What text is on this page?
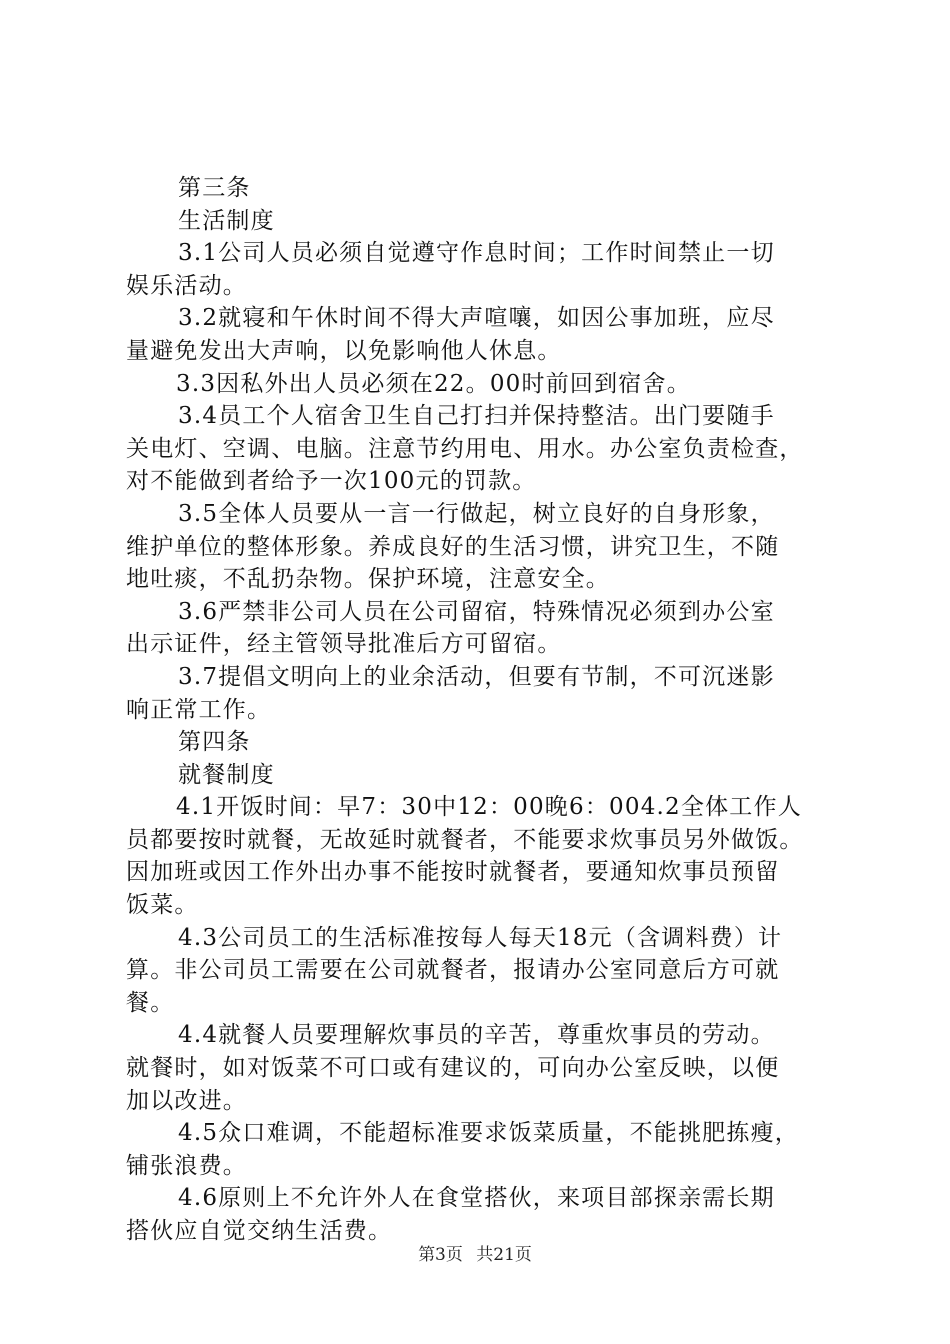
第三条
生活制度
3.1公司人员必须自觉遵守作息时间；工作时间禁止一切
娱乐活动。
3.2就寝和午休时间不得大声喧嚷，如因公事加班，应尽
量避免发出大声响，以免影响他人休息。
3.3因私外出人员必须在22。00时前回到宿舍。
3.4员工个人宿舍卫生自己打扫并保持整洁。出门要随手
关电灯、空调、电脑。注意节约用电、用水。办公室负责检查，
对不能做到者给予一次100元的罚款。
3.5全体人员要从一言一行做起，树立良好的自身形象，
维护单位的整体形象。养成良好的生活习惯，讲究卫生，不随
地吐痰，不乱扔杂物。保护环境，注意安全。
3.6严禁非公司人员在公司留宿，特殊情况必须到办公室
出示证件，经主管领导批准后方可留宿。
3.7提倡文明向上的业余活动，但要有节制，不可沉迷影
响正常工作。
第四条
就餐制度
4.1开饭时间：早7：30中12：00晚6：004.2全体工作人
员都要按时就餐，无故延时就餐者，不能要求炊事员另外做饭。
因加班或因工作外出办事不能按时就餐者，要通知炊事员预留
饭菜。
4.3公司员工的生活标准按每人每天18元（含调料费）计
算。非公司员工需要在公司就餐者，报请办公室同意后方可就
餐。
4.4就餐人员要理解炊事员的辛苦，尊重炊事员的劳动。
就餐时，如对饭菜不可口或有建议的，可向办公室反映，以便
加以改进。
4.5众口难调，不能超标准要求饭菜质量，不能挑肥拣瘦，
铺张浪费。
4.6原则上不允许外人在食堂搭伙，来项目部探亲需长期
搭伙应自觉交纳生活费。
第3页 共21页
